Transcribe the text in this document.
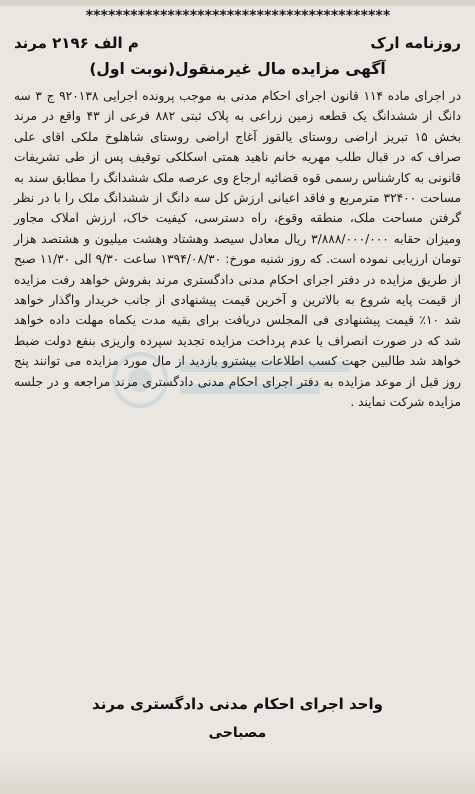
*****************************************
روزنامه ارک
م الف ۲۱۹۶ مرند
آگهی مزایده مال غیرمنقول(نوبت اول)
در اجرای ماده ۱۱۴ قانون اجرای احکام مدنی به موجب پرونده اجرایی ۹۲۰۱۳۸ ج ۳ سه دانگ از ششدانگ یک قطعه زمین زراعی به پلاک ثبتی ۸۸۲ فرعی از ۴۳ واقع در مرند بخش ۱۵ تبریز اراضی روستای یالقوز آغاج اراضی روستای شاهلوخ ملکی اقای علی صراف که در قبال طلب مهریه خانم ناهید همتی اسکلکی توقیف پس از طی تشریفات قانونی به کارشناس رسمی قوه قضائیه ارجاع وی عرصه ملک ششدانگ را مطابق سند به مساحت ۳۲۴۰۰ مترمربع و فاقد اعیانی ارزش کل سه دانگ از ششدانگ ملک را با در نظر گرفتن مساحت ملک، منطقه وقوع، راه دسترسی، کیفیت خاک، ارزش املاک مجاور ومیزان حقابه ۳/۸۸۸/۰۰۰/۰۰۰ ریال معادل سیصد وهشتاد وهشت میلیون و هشتصد هزار تومان ارزیابی نموده است. که روز شنبه مورخ: ۱۳۹۴/۰۸/۳۰ ساعت ۹/۳۰ الی ۱۱/۳۰ صبح از طریق مزایده در دفتر اجرای احکام مدنی دادگستری مرند بفروش خواهد رفت مزایده از قیمت پایه شروع به بالاترین و آخرین قیمت پیشنهادی از جانب خریدار واگذار خواهد شد ۱۰٪ قیمت پیشنهادی فی المجلس دریافت برای بقیه مدت یکماه مهلت داده خواهد شد که در صورت انصراف یا عدم پرداخت مزایده تجدید سپرده واریزی بنفع دولت ضبط خواهد شد طالبین جهت کسب اطلاعات بیشترو بازدید از مال مورد مزایده می توانند پنج روز قبل از موعد مزایده به دفتر اجرای احکام مدنی دادگستری مرند مراجعه و در جلسه مزایده شرکت نمایند .
واحد اجرای احکام مدنی دادگستری مرند
مصباحی
